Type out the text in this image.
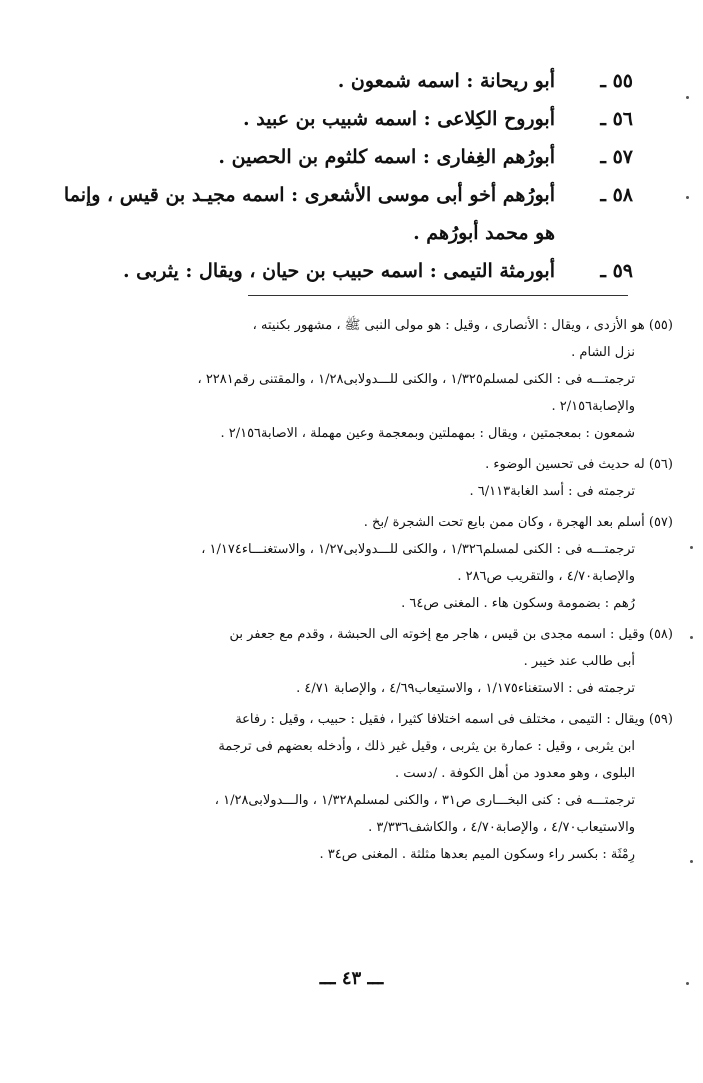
٥٥ ـ
أبو ريحانة : اسمه شمعون .
٥٦ ـ
أبوروح الكِلاعى : اسمه شبيب بن عبيد .
٥٧ ـ
أبورُهم الغِفارى : اسمه كلثوم بن الحصين .
٥٨ ـ
أبورُهم أخو أبى موسى الأشعرى : اسمه مجيـد بن قيس ، وإنما
هو محمد أبورُهم .
٥٩ ـ
أبورمثة التيمى : اسمه حبيب بن حيان ، ويقال : يثربى .
(٥٥) هو الأزدى ، ويقال : الأنصارى ، وقيل : هو مولى النبى ﷺ ، مشهور بكنيته ،
نزل الشام .
ترجمتـــه فى : الكنى لمسلم١/٣٢٥ ، والكنى للـــدولابى١/٢٨ ، والمقتنى رقم٢٢٨١ ،
والإصابة٢/١٥٦ .
شمعون : بمعجمتين ، ويقال : بمهملتين وبمعجمة وعين مهملة ، الاصابة٢/١٥٦ .
(٥٦) له حديث فى تحسين الوضوء .
ترجمته فى : أسد الغابة٦/١١٣ .
(٥٧) أسلم بعد الهجرة ، وكان ممن بايع تحت الشجرة /بخ .
ترجمتـــه فى : الكنى لمسلم١/٣٢٦ ، والكنى للـــدولابى١/٢٧ ، والاستغنـــاء١/١٧٤ ،
والإصابة٤/٧٠ ، والتقريب ص٢٨٦ .
رُهم : بضمومة وسكون هاء . المغنى ص٦٤ .
(٥٨) وقيل : اسمه مجدى بن قيس ، هاجر مع إخوته الى الحبشة ، وقدم مع جعفر بن
أبى طالب عند خيبر .
ترجمته فى : الاستغناء١/١٧٥ ، والاستيعاب٤/٦٩ ، والإصابة ٤/٧١ .
(٥٩) ويقال : التيمى ، مختلف فى اسمه اختلافا كثيرا ، فقيل : حبيب ، وقيل : رفاعة
ابن يثربى ، وقيل : عمارة بن يثربى ، وقيل غير ذلك ، وأدخله بعضهم فى ترجمة
البلوى ، وهو معدود من أهل الكوفة . /دست .
ترجمتـــه فى : كنى البخـــارى ص٣١ ، والكنى لمسلم١/٣٢٨ ، والـــدولابى١/٢٨ ،
والاستيعاب٤/٧٠ ، والإصابة٤/٧٠ ، والكاشف٣/٣٣٦ .
رِمْثَة : بكسر راء وسكون الميم بعدها مثلثة . المغنى ص٣٤ .
ـــ ٤٣ ـــ
